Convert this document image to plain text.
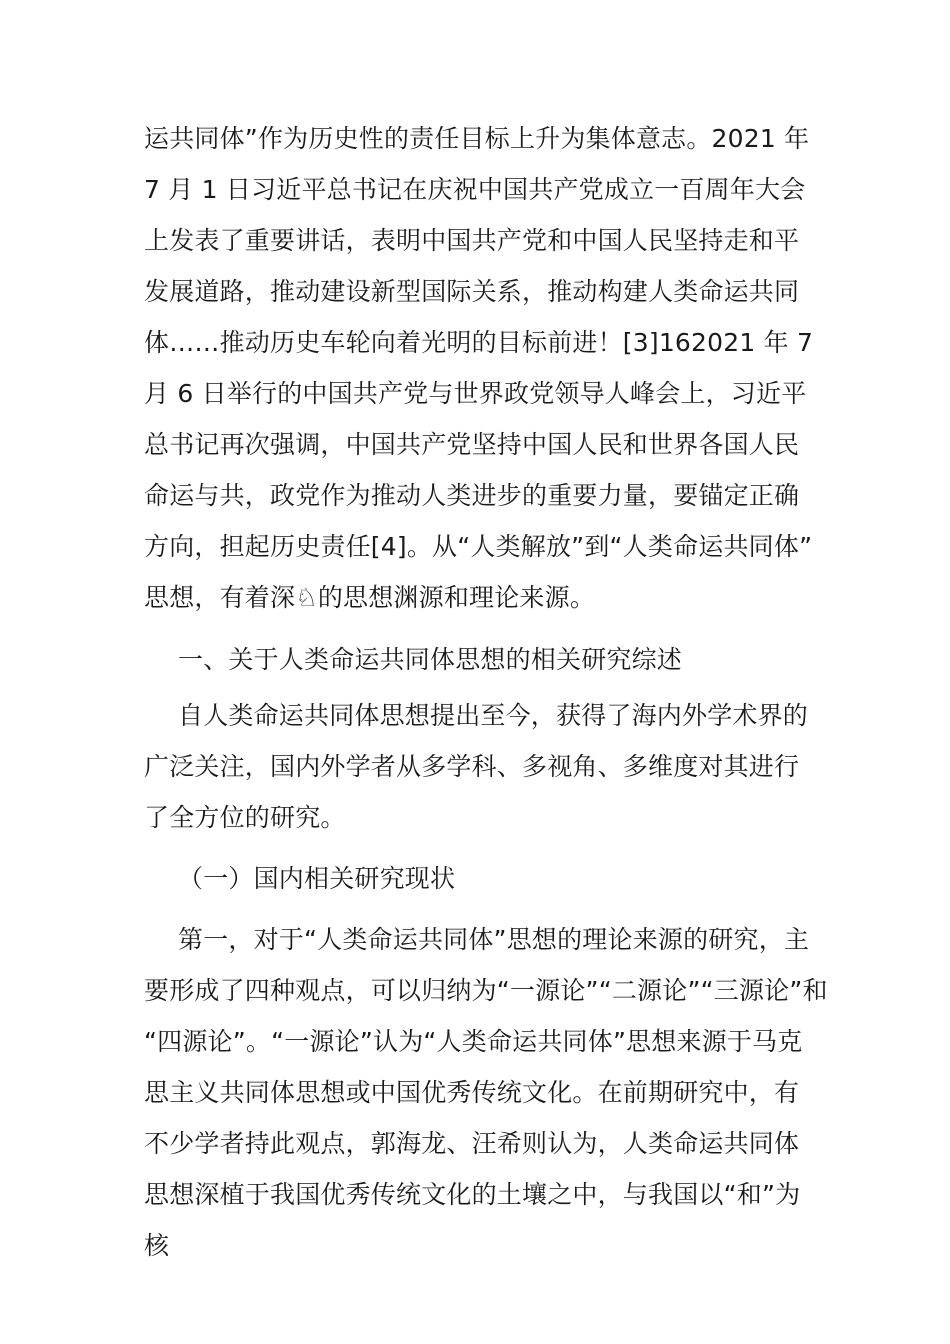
运共同体”作为历史性的责任目标上升为集体意志。2021 年
7 月 1 日习近平总书记在庆祝中国共产党成立一百周年大会
上发表了重要讲话，表明中国共产党和中国人民坚持走和平
发展道路，推动建设新型国际关系，推动构建人类命运共同
体……推动历史车轮向着光明的目标前进！[3]162021 年 7
月 6 日举行的中国共产党与世界政党领导人峰会上，习近平
总书记再次强调，中国共产党坚持中国人民和世界各国人民
命运与共，政党作为推动人类进步的重要力量，要锚定正确
方向，担起历史责任[4]。从“人类解放”到“人类命运共同体”
思想，有着深♘的思想渊源和理论来源。
一、关于人类命运共同体思想的相关研究综述
自人类命运共同体思想提出至今，获得了海内外学术界的
广泛关注，国内外学者从多学科、多视角、多维度对其进行
了全方位的研究。
（一）国内相关研究现状
第一，对于“人类命运共同体”思想的理论来源的研究，主
要形成了四种观点，可以归纳为“一源论”“二源论”“三源论”和
“四源论”。“一源论”认为“人类命运共同体”思想来源于马克
思主义共同体思想或中国优秀传统文化。在前期研究中，有
不少学者持此观点，郭海龙、汪希则认为，人类命运共同体
思想深植于我国优秀传统文化的土壤之中，与我国以“和”为
核
